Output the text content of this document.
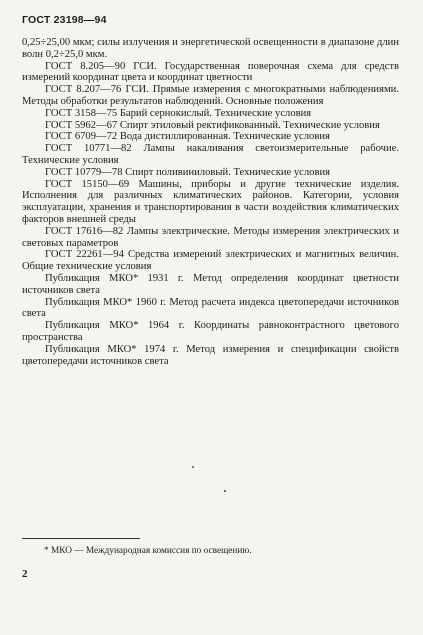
ГОСТ 23198—94

0,25÷25,00 мкм; силы излучения и энергетической освещенности в диапазоне длин волн 0,2÷25,0 мкм.

ГОСТ 8.205—90 ГСИ. Государственная поверочная схема для средств измерений координат цвета и координат цветности

ГОСТ 8.207—76 ГСИ. Прямые измерения с многократными наблюдениями. Методы обработки результатов наблюдений. Основные положения

ГОСТ 3158—75 Барий сернокислый. Технические условия

ГОСТ 5962—67 Спирт этиловый ректификованный. Технические условия

ГОСТ 6709—72 Вода дистиллированная. Технические условия

ГОСТ 10771—82 Лампы накаливания светоизмерительные рабочие. Технические условия

ГОСТ 10779—78 Спирт поливиниловый. Технические условия

ГОСТ 15150—69 Машины, приборы и другие технические изделия. Исполнения для различных климатических районов. Категории, условия эксплуатации, хранения и транспортирования в части воздействия климатических факторов внешней среды

ГОСТ 17616—82 Лампы электрические. Методы измерения электрических и световых параметров

ГОСТ 22261—94 Средства измерений электрических и магнитных величин. Общие технические условия

Публикация МКО* 1931 г. Метод определения координат цветности источников света

Публикация МКО* 1960 г. Метод расчета индекса цветопередачи источников света

Публикация МКО* 1964 г. Координаты равноконтрастного цветового пространства

Публикация МКО* 1974 г. Метод измерения и спецификации свойств цветопередачи источников света

* МКО — Международная комиссия по освещению.
2
